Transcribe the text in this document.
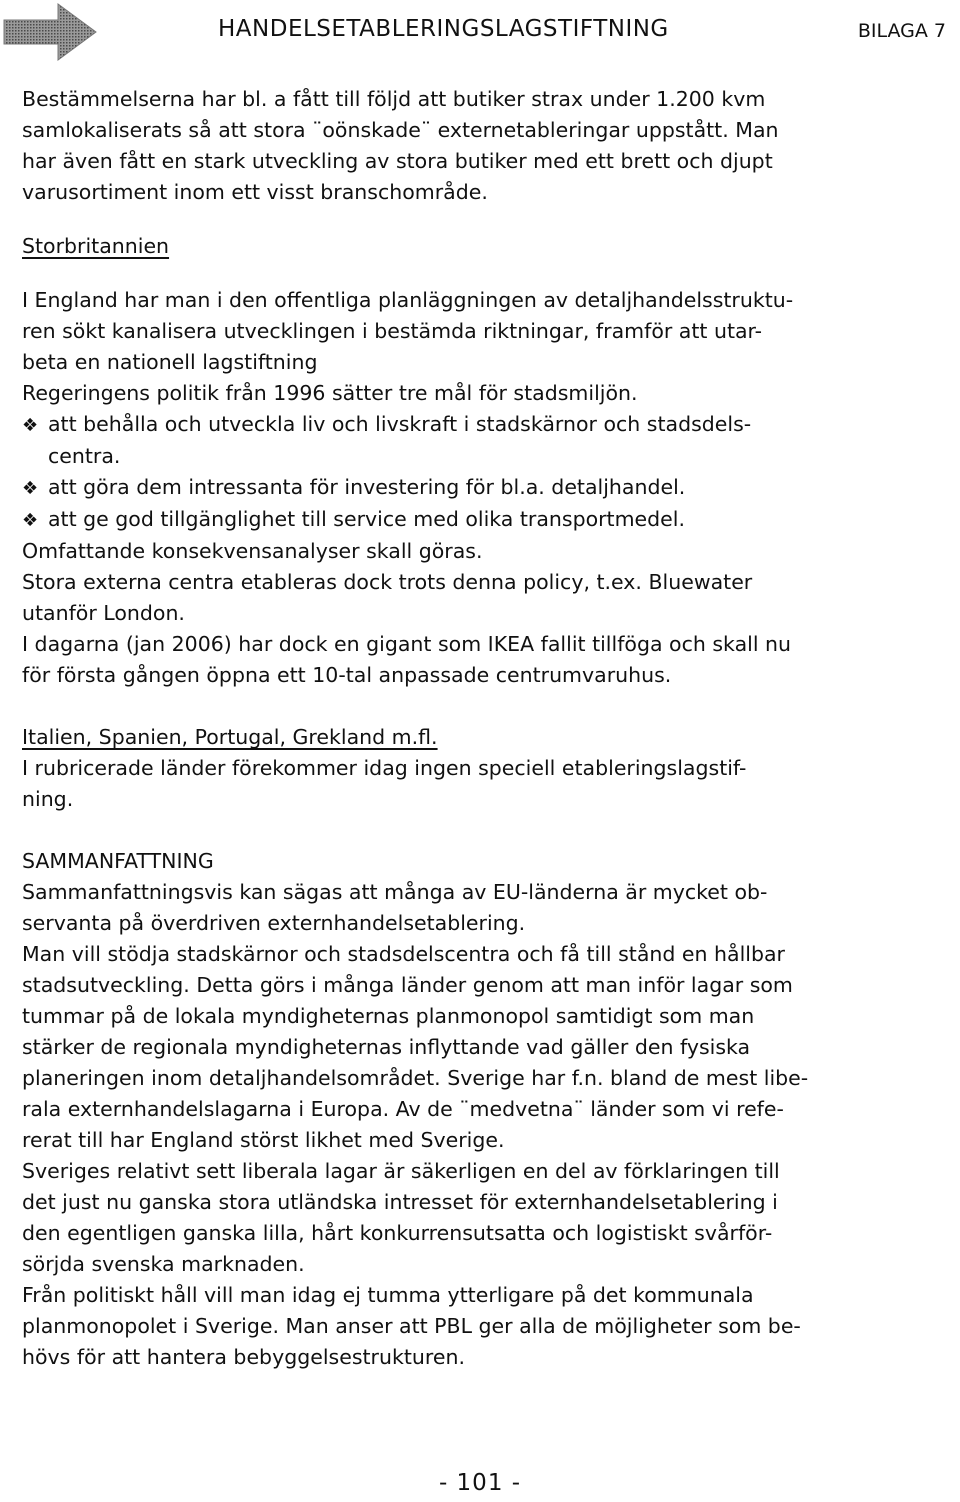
HANDELSETABLERINGSLAGSTIFTNING	BILAGA 7

Bestämmelserna har bl. a fått till följd att butiker strax under 1.200 kvm

samlokaliserats så att stora ¨oönskade¨ externetableringar uppstått. Man

har även fått en stark utveckling av stora butiker med ett brett och djupt

varusortiment inom ett visst branschområde.

Storbritannien

I England har man i den offentliga planläggningen av detaljhandelsstruktu-

ren sökt kanalisera utvecklingen i bestämda riktningar, framför att utar-

beta en nationell lagstiftning

Regeringens politik från 1996 sätter tre mål för stadsmiljön.

❖ att behålla och utveckla liv och livskraft i stadskärnor och stadsdels-

centra.

❖ att göra dem intressanta för investering för bl.a. detaljhandel.

❖ att ge god tillgänglighet till service med olika transportmedel.

Omfattande konsekvensanalyser skall göras.

Stora externa centra etableras dock trots denna policy, t.ex. Bluewater

utanför London.

I dagarna (jan 2006) har dock en gigant som IKEA fallit tillföga och skall nu

för första gången öppna ett 10-tal anpassade centrumvaruhus.

Italien, Spanien, Portugal, Grekland m.fl.

I rubricerade länder förekommer idag ingen speciell etableringslagstif-

ning.

SAMMANFATTNING

Sammanfattningsvis kan sägas att många av EU-länderna är mycket ob-

servanta på överdriven externhandelsetablering.

Man vill stödja stadskärnor och stadsdelscentra och få till stånd en hållbar

stadsutveckling. Detta görs i många länder genom att man inför lagar som

tummar på de lokala myndigheternas planmonopol samtidigt som man

stärker de regionala myndigheternas inflyttande vad gäller den fysiska

planeringen inom detaljhandelsområdet. Sverige har f.n. bland de mest libe-

rala externhandelslagarna i Europa. Av de ¨medvetna¨ länder som vi refe-

rerat till har England störst likhet med Sverige.

Sveriges relativt sett liberala lagar är säkerligen en del av förklaringen till

det just nu ganska stora utländska intresset för externhandelsetablering i

den egentligen ganska lilla, hårt konkurrensutsatta och logistiskt svårför-

sörjda svenska marknaden.

Från politiskt håll vill man idag ej tumma ytterligare på det kommunala

planmonopolet i Sverige. Man anser att PBL ger alla de möjligheter som be-

hövs för att hantera bebyggelsestrukturen.

- 101 -
